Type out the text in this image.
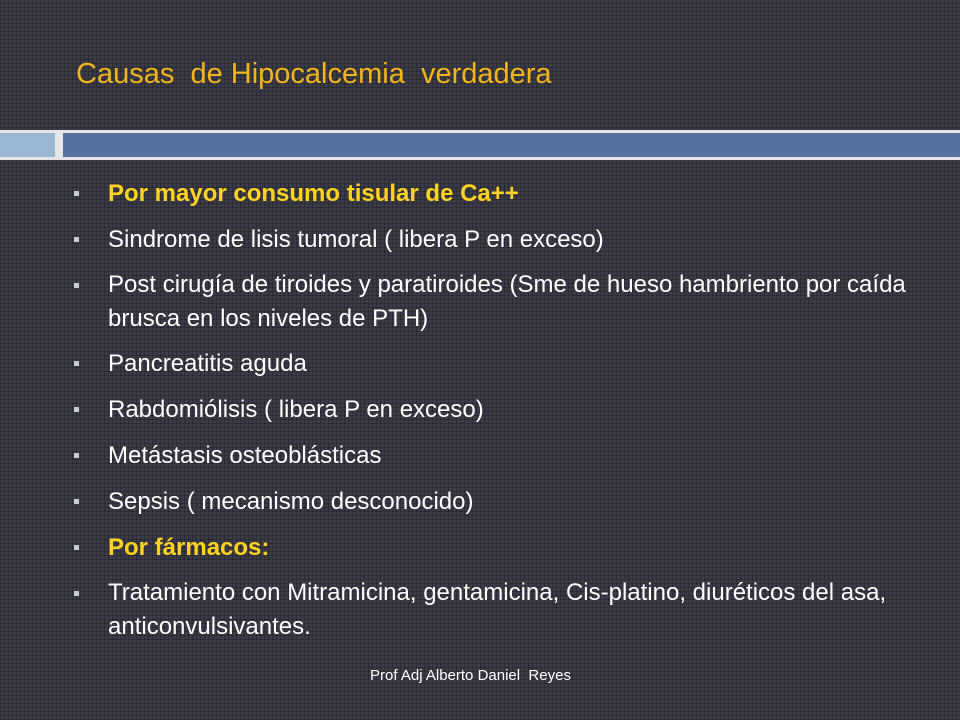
Causas  de Hipocalcemia  verdadera
Por mayor consumo tisular de Ca++
Sindrome de lisis tumoral ( libera P en exceso)
Post cirugía de tiroides y paratiroides (Sme de hueso hambriento por caída brusca en los niveles de PTH)
Pancreatitis aguda
Rabdomiólisis ( libera P en exceso)
Metástasis osteoblásticas
Sepsis ( mecanismo desconocido)
Por fármacos:
Tratamiento con Mitramicina, gentamicina, Cis-platino, diuréticos del asa, anticonvulsivantes.
Prof Adj Alberto Daniel  Reyes
